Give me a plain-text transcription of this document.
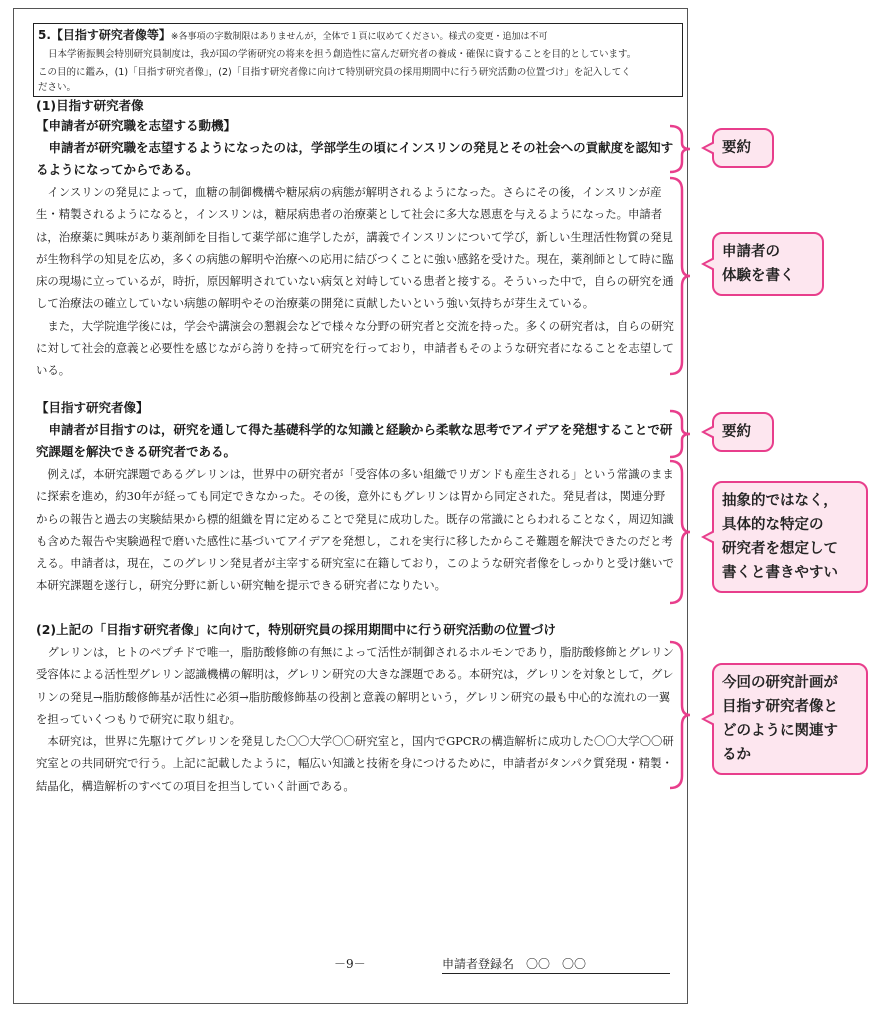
5.【目指す研究者像等】※各事項の字数制限はありませんが，全体で１頁に収めてください。様式の変更・追加は不可
日本学術振興会特別研究員制度は，我が国の学術研究の将来を担う創造性に富んだ研究者の養成・確保に資することを目的としています。
この目的に鑑み，(1)「目指す研究者像」，(2)「目指す研究者像に向けて特別研究員の採用期間中に行う研究活動の位置づけ」を記入してく
ださい。
(1)目指す研究者像
【申請者が研究職を志望する動機】

申請者が研究職を志望するようになったのは，学部学生の頃にインスリンの発見とその社会への貢献度を認知するようになってからである。

インスリンの発見によって，血糖の制御機構や糖尿病の病態が解明されるようになった。さらにその後，インスリンが産生・精製されるようになると，インスリンは，糖尿病患者の治療薬として社会に多大な恩恵を与えるようになった。申請者は，治療薬に興味があり薬剤師を目指して薬学部に進学したが，講義でインスリンについて学び，新しい生理活性物質の発見が生物科学の知見を広め，多くの病態の解明や治療への応用に結びつくことに強い感銘を受けた。現在，薬剤師として時に臨床の現場に立っているが，時折，原因解明されていない病気と対峙している患者と接する。そういった中で，自らの研究を通して治療法の確立していない病態の解明やその治療薬の開発に貢献したいという強い気持ちが芽生えている。

また，大学院進学後には，学会や講演会の懇親会などで様々な分野の研究者と交流を持った。多くの研究者は，自らの研究に対して社会的意義と必要性を感じながら誇りを持って研究を行っており，申請者もそのような研究者になることを志望している。

【目指す研究者像】

申請者が目指すのは，研究を通して得た基礎科学的な知識と経験から柔軟な思考でアイデアを発想することで研究課題を解決できる研究者である。

例えば，本研究課題であるグレリンは，世界中の研究者が「受容体の多い組織でリガンドも産生される」という常識のままに探索を進め，約30年が経っても同定できなかった。その後，意外にもグレリンは胃から同定された。発見者は，関連分野からの報告と過去の実験結果から標的組織を胃に定めることで発見に成功した。既存の常識にとらわれることなく，周辺知識も含めた報告や実験過程で磨いた感性に基づいてアイデアを発想し，これを実行に移したからこそ難題を解決できたのだと考える。申請者は，現在，このグレリン発見者が主宰する研究室に在籍しており，このような研究者像をしっかりと受け継いで本研究課題を遂行し，研究分野に新しい研究軸を提示できる研究者になりたい。

(2)上記の「目指す研究者像」に向けて，特別研究員の採用期間中に行う研究活動の位置づけ

グレリンは，ヒトのペプチドで唯一，脂肪酸修飾の有無によって活性が制御されるホルモンであり，脂肪酸修飾とグレリン受容体による活性型グレリン認識機構の解明は，グレリン研究の大きな課題である。本研究は，グレリンを対象として，グレリンの発見→脂肪酸修飾基が活性に必須→脂肪酸修飾基の役割と意義の解明という，グレリン研究の最も中心的な流れの一翼を担っていくつもりで研究に取り組む。

本研究は，世界に先駆けてグレリンを発見した〇〇大学〇〇研究室と，国内でGPCRの構造解析に成功した〇〇大学〇〇研究室との共同研究で行う。上記に記載したように，幅広い知識と技術を身につけるために，申請者がタンパク質発現・精製・結晶化，構造解析のすべての項目を担当していく計画である。

－9－	申請者登録名　〇〇　〇〇
要約
申請者の
体験を書く
要約
抽象的ではなく，
具体的な特定の
研究者を想定して
書くと書きやすい
今回の研究計画が
目指す研究者像と
どのように関連す
るか
